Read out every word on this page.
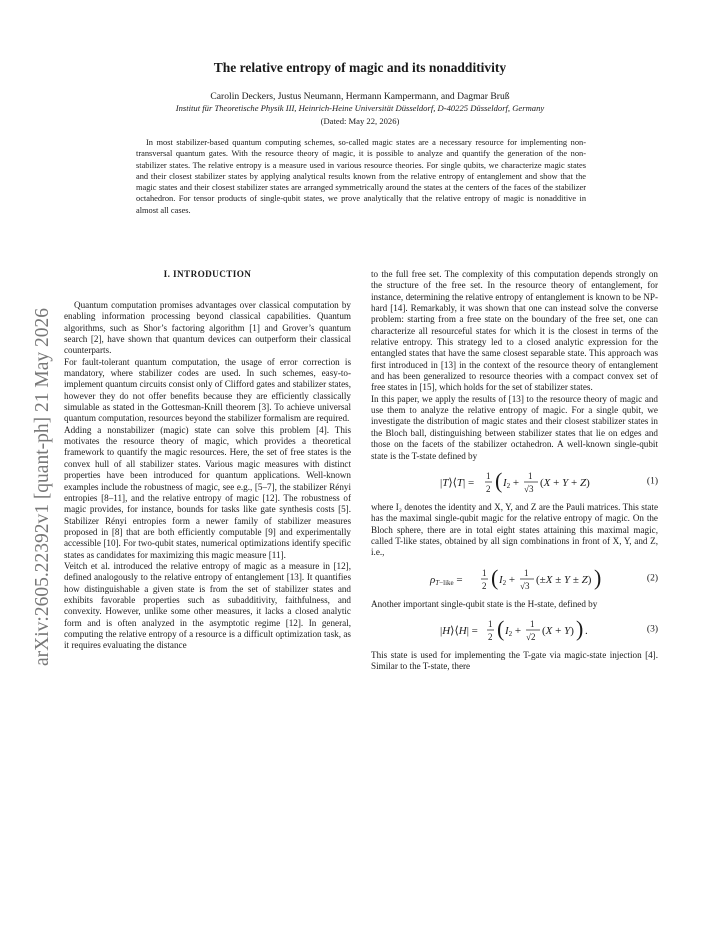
arXiv:2605.22392v1 [quant-ph] 21 May 2026
The relative entropy of magic and its nonadditivity
Carolin Deckers, Justus Neumann, Hermann Kampermann, and Dagmar Bruß
Institut für Theoretische Physik III, Heinrich-Heine Universität Düsseldorf, D-40225 Düsseldorf, Germany
(Dated: May 22, 2026)

In most stabilizer-based quantum computing schemes, so-called magic states are a necessary resource for implementing non-transversal quantum gates. With the resource theory of magic, it is possible to analyze and quantify the generation of the non-stabilizer states. The relative entropy is a measure used in various resource theories. For single qubits, we characterize magic states and their closest stabilizer states by applying analytical results known from the relative entropy of entanglement and show that the magic states and their closest stabilizer states are arranged symmetrically around the states at the centers of the faces of the stabilizer octahedron. For tensor products of single-qubit states, we prove analytically that the relative entropy of magic is nonadditive in almost all cases.

I. INTRODUCTION

Quantum computation promises advantages over classical computation by enabling information processing beyond classical capabilities. Quantum algorithms, such as Shor’s factoring algorithm [1] and Grover’s quantum search [2], have shown that quantum devices can outperform their classical counterparts.

For fault-tolerant quantum computation, the usage of error correction is mandatory, where stabilizer codes are used. In such schemes, easy-to-implement quantum circuits consist only of Clifford gates and stabilizer states, however they do not offer benefits because they are efficiently classically simulable as stated in the Gottesman-Knill theorem [3]. To achieve universal quantum computation, resources beyond the stabilizer formalism are required.

Adding a nonstabilizer (magic) state can solve this problem [4]. This motivates the resource theory of magic, which provides a theoretical framework to quantify the magic resources. Here, the set of free states is the convex hull of all stabilizer states. Various magic measures with distinct properties have been introduced for quantum applications. Well-known examples include the robustness of magic, see e.g., [5–7], the stabilizer Rényi entropies [8–11], and the relative entropy of magic [12]. The robustness of magic provides, for instance, bounds for tasks like gate synthesis costs [5]. Stabilizer Rényi entropies form a newer family of stabilizer measures proposed in [8] that are both efficiently computable [9] and experimentally accessible [10]. For two-qubit states, numerical optimizations identify specific states as candidates for maximizing this magic measure [11].

Veitch et al. introduced the relative entropy of magic as a measure in [12], defined analogously to the relative entropy of entanglement [13]. It quantifies how distinguishable a given state is from the set of stabilizer states and exhibits favorable properties such as subadditivity, faithfulness, and convexity. However, unlike some other measures, it lacks a closed analytic form and is often analyzed in the asymptotic regime [12]. In general, computing the relative entropy of a resource is a difficult optimization task, as it requires evaluating the distance

to the full free set. The complexity of this computation depends strongly on the structure of the free set. In the resource theory of entanglement, for instance, determining the relative entropy of entanglement is known to be NP-hard [14]. Remarkably, it was shown that one can instead solve the converse problem: starting from a free state on the boundary of the free set, one can characterize all resourceful states for which it is the closest in terms of the relative entropy. This strategy led to a closed analytic expression for the entangled states that have the same closest separable state. This approach was first introduced in [13] in the context of the resource theory of entanglement and has been generalized to resource theories with a compact convex set of free states in [15], which holds for the set of stabilizer states.

In this paper, we apply the results of [13] to the resource theory of magic and use them to analyze the relative entropy of magic. For a single qubit, we investigate the distribution of magic states and their closest stabilizer states in the Bloch ball, distinguishing between stabilizer states that lie on edges and those on the facets of the stabilizer octahedron. A well-known single-qubit state is the T-state defined by

|T⟩⟨T| =
1
2 ( I2 +
1
√3 (X + Y + Z)	(1)

where I₂ denotes the identity and X, Y, and Z are the Pauli matrices. This state has the maximal single-qubit magic for the relative entropy of magic. On the Bloch sphere, there are in total eight states attaining this maximal magic, called T-like states, obtained by all sign combinations in front of X, Y, and Z, i.e.,

ρT−like =
1
2 ( I2 +
1
√3 (±X ± Y ± Z) )	(2)

Another important single-qubit state is the H-state, defined by

|H⟩⟨H| =
1
2 ( I2 +
1
√2 (X + Y) ) .	(3)

This state is used for implementing the T-gate via magic-state injection [4]. Similar to the T-state, there
